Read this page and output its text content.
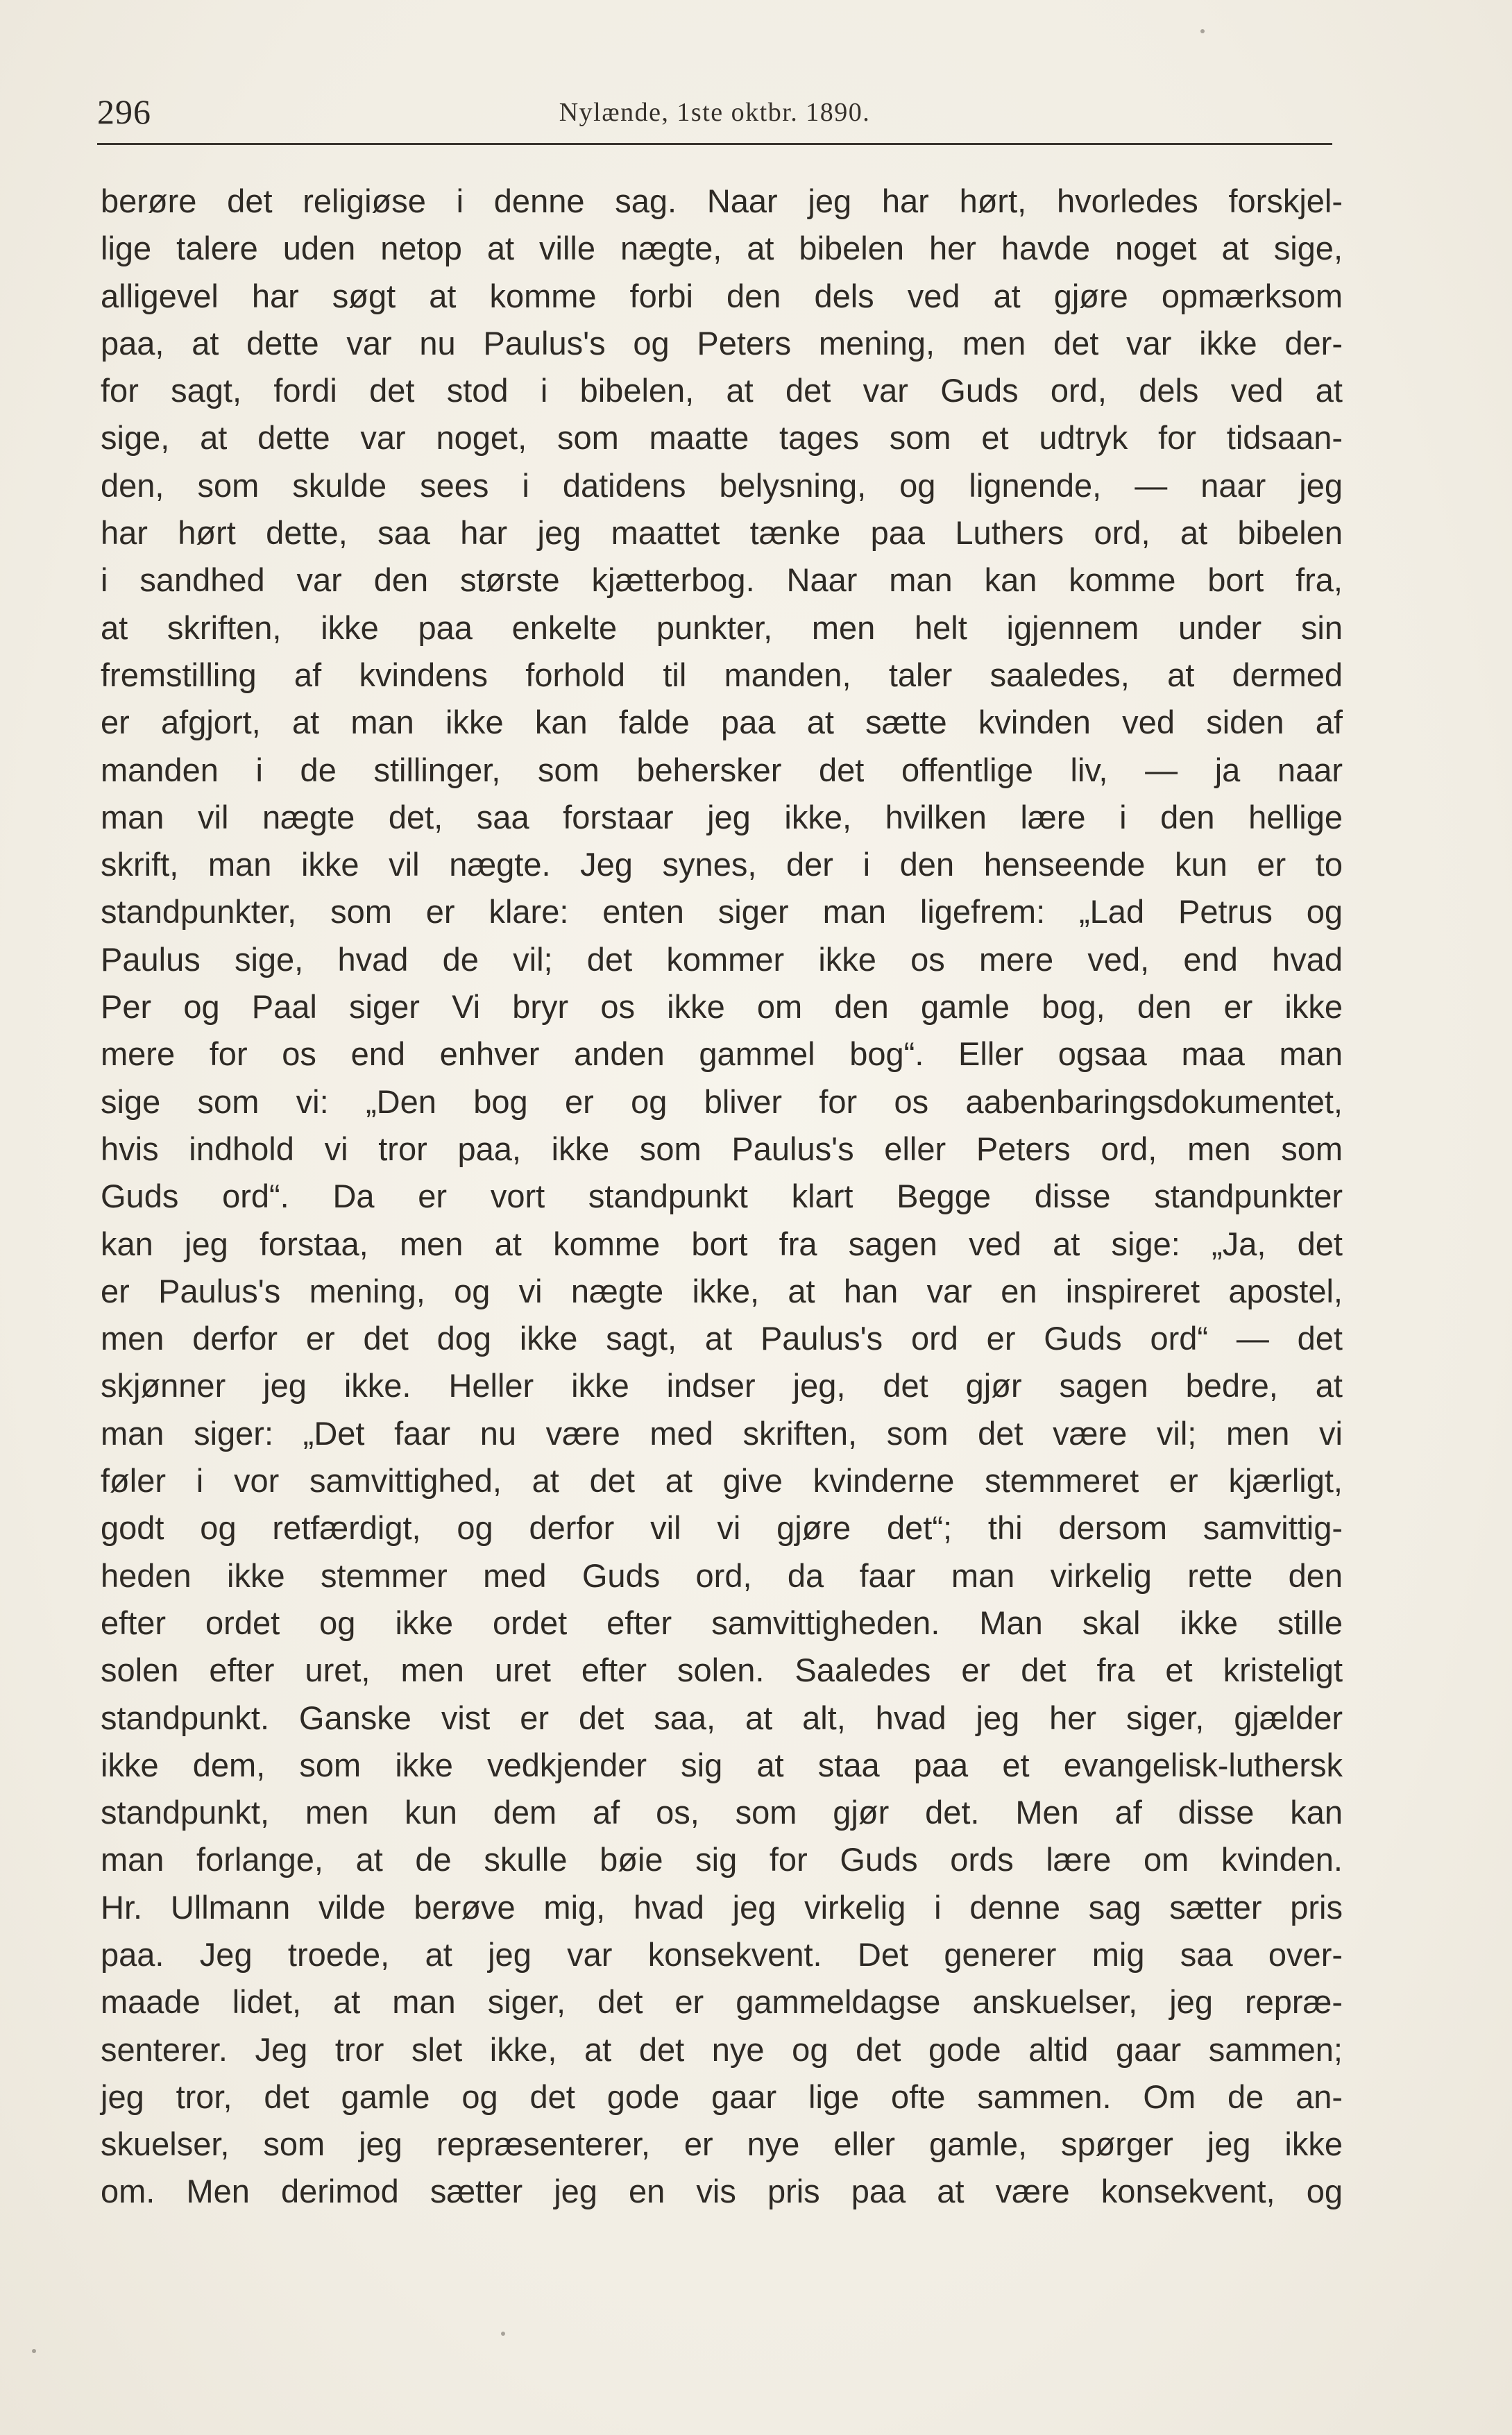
296	Nylænde, 1ste oktbr. 1890.
berøre det religiøse i denne sag. Naar jeg har hørt, hvorledes forskjel-
lige talere uden netop at ville nægte, at bibelen her havde noget at sige,
alligevel har søgt at komme forbi den dels ved at gjøre opmærksom
paa, at dette var nu Paulus's og Peters mening, men det var ikke der-
for sagt, fordi det stod i bibelen, at det var Guds ord, dels ved at
sige, at dette var noget, som maatte tages som et udtryk for tidsaan-
den, som skulde sees i datidens belysning, og lignende, — naar jeg
har hørt dette, saa har jeg maattet tænke paa Luthers ord, at bibelen
i sandhed var den største kjætterbog. Naar man kan komme bort fra,
at skriften, ikke paa enkelte punkter, men helt igjennem under sin
fremstilling af kvindens forhold til manden, taler saaledes, at dermed
er afgjort, at man ikke kan falde paa at sætte kvinden ved siden af
manden i de stillinger, som behersker det offentlige liv, — ja naar
man vil nægte det, saa forstaar jeg ikke, hvilken lære i den hellige
skrift, man ikke vil nægte. Jeg synes, der i den henseende kun er to
standpunkter, som er klare: enten siger man ligefrem: „Lad Petrus og
Paulus sige, hvad de vil; det kommer ikke os mere ved, end hvad
Per og Paal siger Vi bryr os ikke om den gamle bog, den er ikke
mere for os end enhver anden gammel bog“. Eller ogsaa maa man
sige som vi: „Den bog er og bliver for os aabenbaringsdokumentet,
hvis indhold vi tror paa, ikke som Paulus's eller Peters ord, men som
Guds ord“. Da er vort standpunkt klart Begge disse standpunkter
kan jeg forstaa, men at komme bort fra sagen ved at sige: „Ja, det
er Paulus's mening, og vi nægte ikke, at han var en inspireret apostel,
men derfor er det dog ikke sagt, at Paulus's ord er Guds ord“ — det
skjønner jeg ikke. Heller ikke indser jeg, det gjør sagen bedre, at
man siger: „Det faar nu være med skriften, som det være vil; men vi
føler i vor samvittighed, at det at give kvinderne stemmeret er kjærligt,
godt og retfærdigt, og derfor vil vi gjøre det“; thi dersom samvittig-
heden ikke stemmer med Guds ord, da faar man virkelig rette den
efter ordet og ikke ordet efter samvittigheden. Man skal ikke stille
solen efter uret, men uret efter solen. Saaledes er det fra et kristeligt
standpunkt. Ganske vist er det saa, at alt, hvad jeg her siger, gjælder
ikke dem, som ikke vedkjender sig at staa paa et evangelisk-luthersk
standpunkt, men kun dem af os, som gjør det. Men af disse kan
man forlange, at de skulle bøie sig for Guds ords lære om kvinden.
Hr. Ullmann vilde berøve mig, hvad jeg virkelig i denne sag sætter pris
paa. Jeg troede, at jeg var konsekvent. Det generer mig saa over-
maade lidet, at man siger, det er gammeldagse anskuelser, jeg repræ-
senterer. Jeg tror slet ikke, at det nye og det gode altid gaar sammen;
jeg tror, det gamle og det gode gaar lige ofte sammen. Om de an-
skuelser, som jeg repræsenterer, er nye eller gamle, spørger jeg ikke
om. Men derimod sætter jeg en vis pris paa at være konsekvent, og
